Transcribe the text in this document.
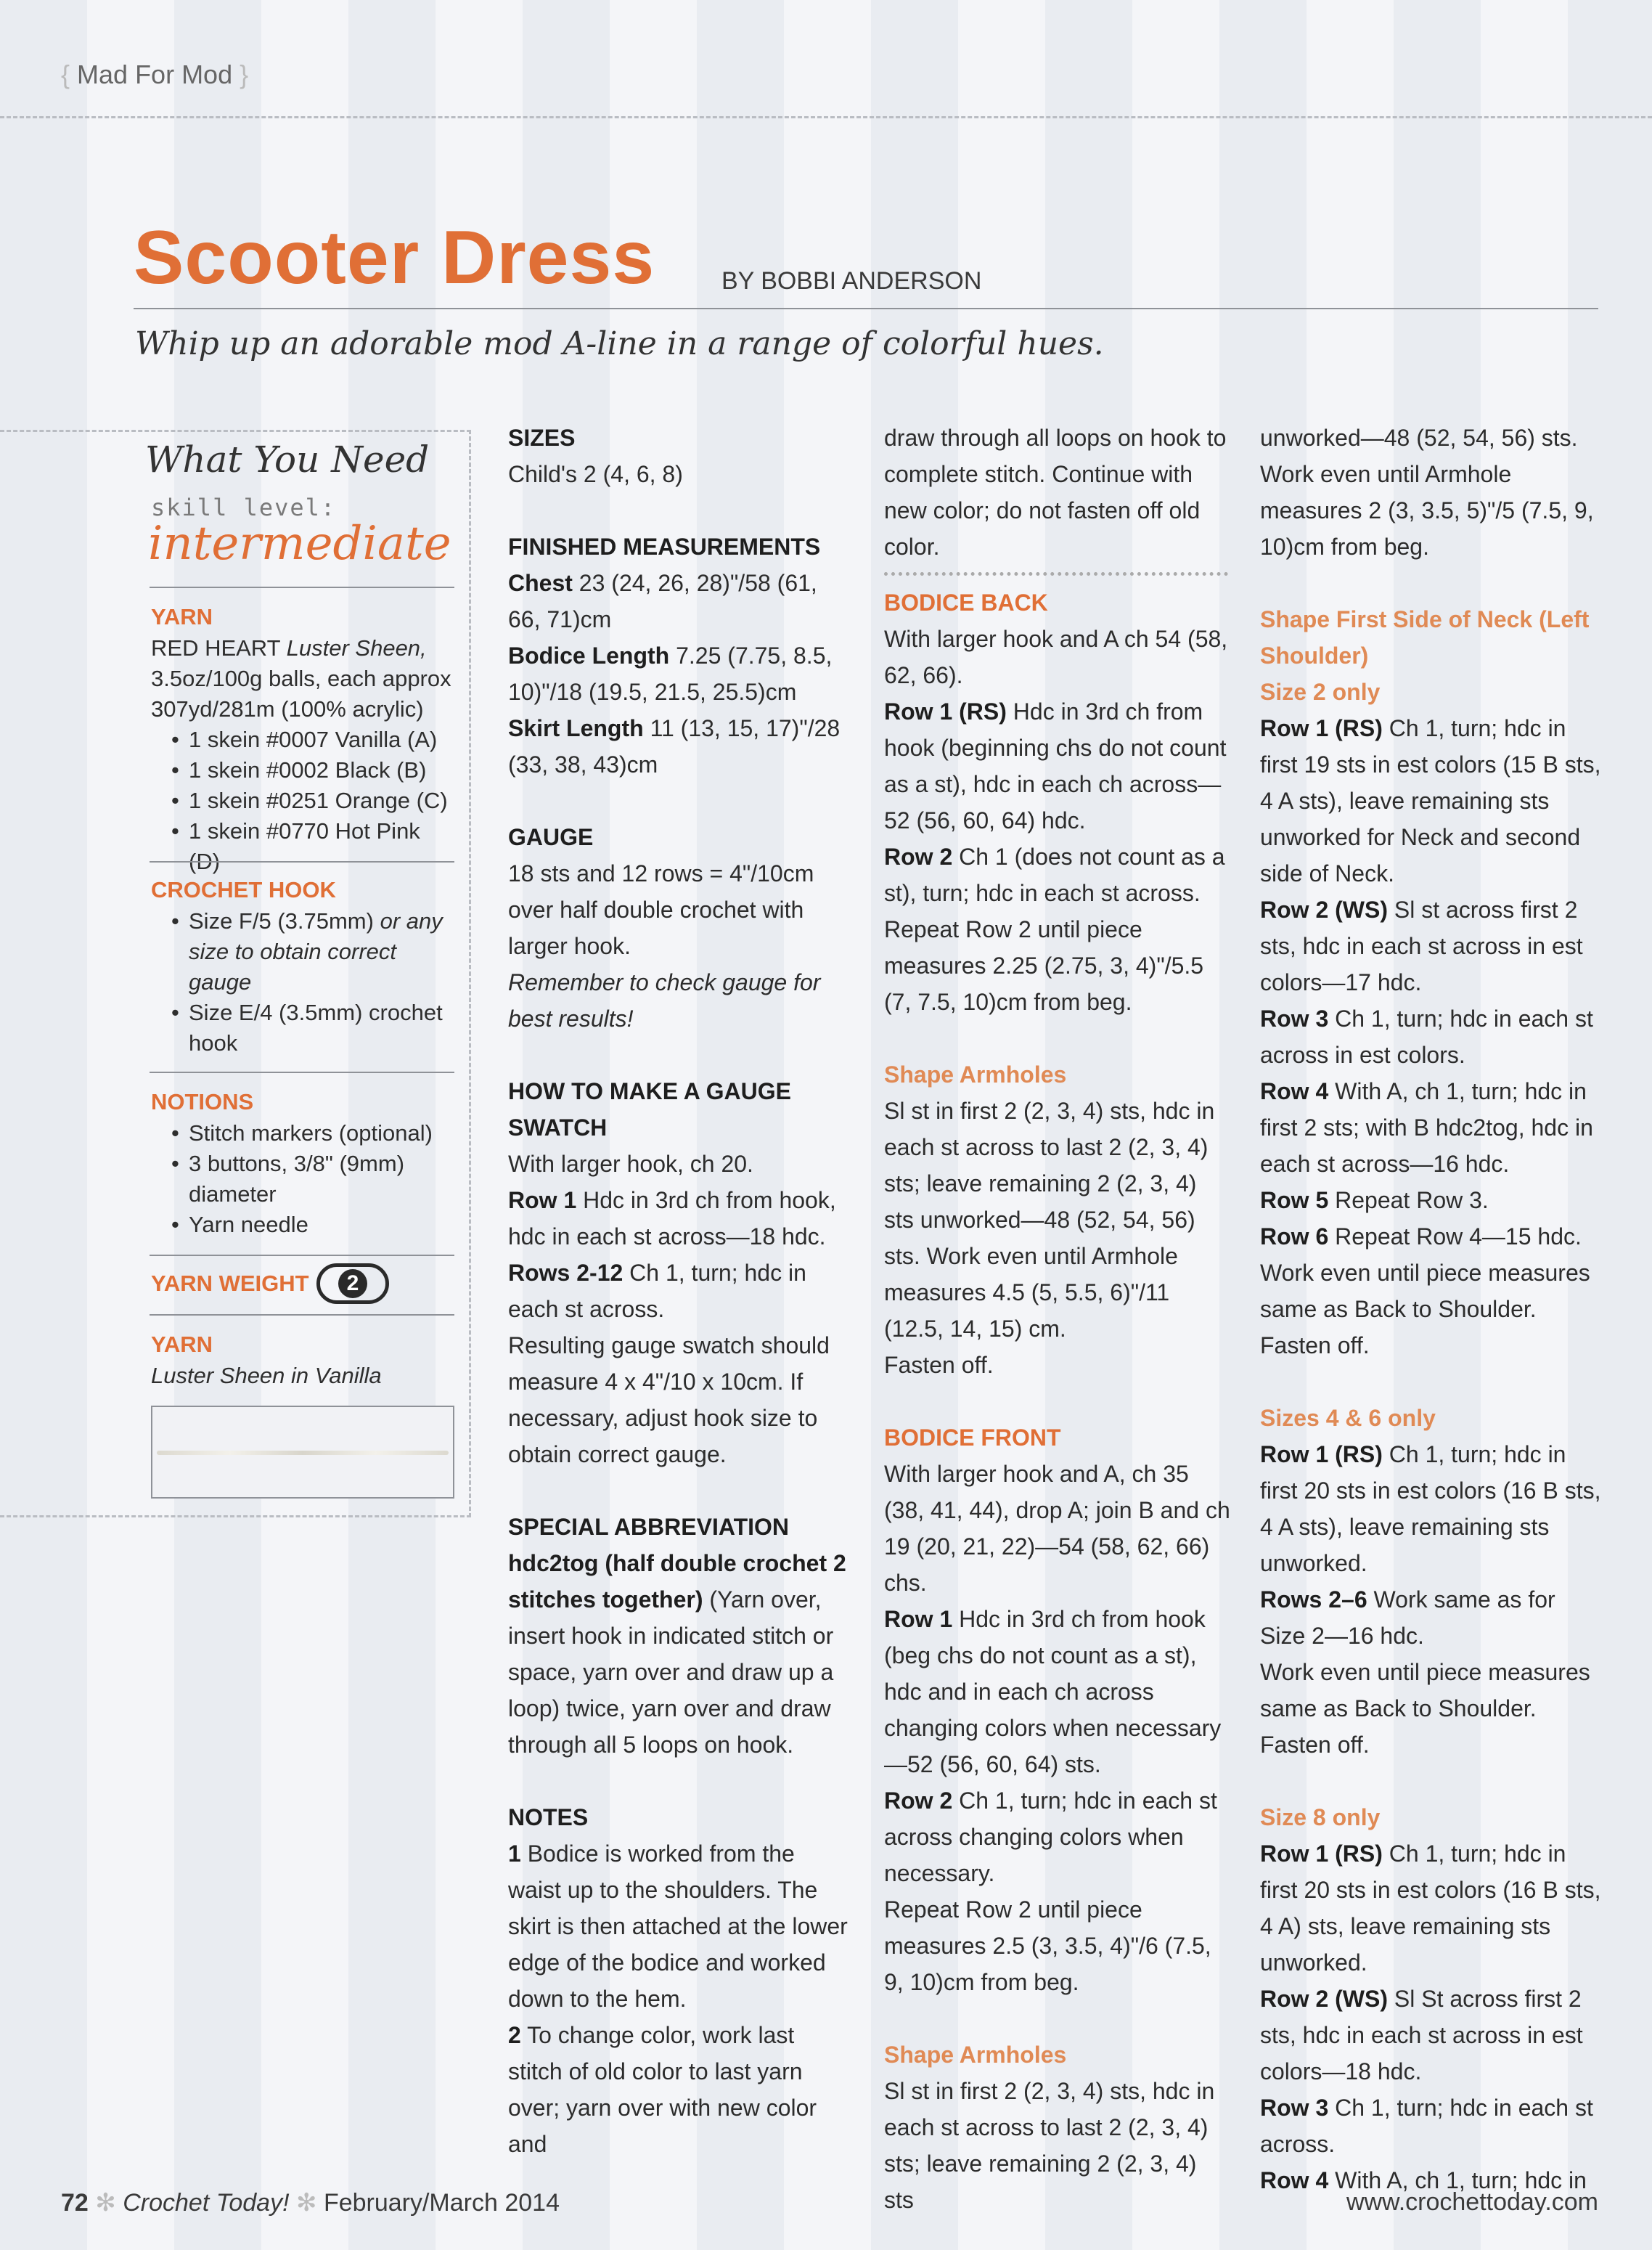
{ Mad For Mod }
Scooter Dress	BY BOBBI ANDERSON
Whip up an adorable mod A-line in a range of colorful hues.
What You Need
skill level:
intermediate
YARN
RED HEART Luster Sheen, 3.5oz/100g balls, each approx 307yd/281m (100% acrylic)
• 1 skein #0007 Vanilla (A)
• 1 skein #0002 Black (B)
• 1 skein #0251 Orange (C)
• 1 skein #0770 Hot Pink (D)
CROCHET HOOK
• Size F/5 (3.75mm) or any size to obtain correct gauge
• Size E/4 (3.5mm) crochet hook
NOTIONS
• Stitch markers (optional)
• 3 buttons, 3/8" (9mm) diameter
• Yarn needle
YARN WEIGHT	2
YARN
Luster Sheen in Vanilla
SIZES
Child's 2 (4, 6, 8)
FINISHED MEASUREMENTS
Chest 23 (24, 26, 28)"/58 (61, 66, 71)cm
Bodice Length 7.25 (7.75, 8.5, 10)"/18 (19.5, 21.5, 25.5)cm
Skirt Length 11 (13, 15, 17)"/28 (33, 38, 43)cm
GAUGE
18 sts and 12 rows = 4"/10cm over half double crochet with larger hook.
Remember to check gauge for best results!
HOW TO MAKE A GAUGE SWATCH
With larger hook, ch 20.
Row 1 Hdc in 3rd ch from hook, hdc in each st across—18 hdc.
Rows 2-12 Ch 1, turn; hdc in each st across.
Resulting gauge swatch should measure 4 x 4"/10 x 10cm. If necessary, adjust hook size to obtain correct gauge.
SPECIAL ABBREVIATION
hdc2tog (half double crochet 2 stitches together) (Yarn over, insert hook in indicated stitch or space, yarn over and draw up a loop) twice, yarn over and draw through all 5 loops on hook.
NOTES
1 Bodice is worked from the waist up to the shoulders. The skirt is then attached at the lower edge of the bodice and worked down to the hem.
2 To change color, work last stitch of old color to last yarn over; yarn over with new color and
draw through all loops on hook to complete stitch. Continue with new color; do not fasten off old color.
BODICE BACK
With larger hook and A ch 54 (58, 62, 66).
Row 1 (RS) Hdc in 3rd ch from hook (beginning chs do not count as a st), hdc in each ch across—52 (56, 60, 64) hdc.
Row 2 Ch 1 (does not count as a st), turn; hdc in each st across.
Repeat Row 2 until piece measures 2.25 (2.75, 3, 4)"/5.5 (7, 7.5, 10)cm from beg.
Shape Armholes
Sl st in first 2 (2, 3, 4) sts, hdc in each st across to last 2 (2, 3, 4) sts; leave remaining 2 (2, 3, 4) sts unworked—48 (52, 54, 56) sts. Work even until Armhole measures 4.5 (5, 5.5, 6)"/11 (12.5, 14, 15) cm.
Fasten off.
BODICE FRONT
With larger hook and A, ch 35 (38, 41, 44), drop A; join B and ch 19 (20, 21, 22)—54 (58, 62, 66) chs.
Row 1 Hdc in 3rd ch from hook (beg chs do not count as a st), hdc and in each ch across changing colors when necessary—52 (56, 60, 64) sts.
Row 2 Ch 1, turn; hdc in each st across changing colors when necessary.
Repeat Row 2 until piece measures 2.5 (3, 3.5, 4)"/6 (7.5, 9, 10)cm from beg.
Shape Armholes
Sl st in first 2 (2, 3, 4) sts, hdc in each st across to last 2 (2, 3, 4) sts; leave remaining 2 (2, 3, 4) sts
unworked—48 (52, 54, 56) sts. Work even until Armhole measures 2 (3, 3.5, 5)"/5 (7.5, 9, 10)cm from beg.
Shape First Side of Neck (Left Shoulder)
Size 2 only
Row 1 (RS) Ch 1, turn; hdc in first 19 sts in est colors (15 B sts, 4 A sts), leave remaining sts unworked for Neck and second side of Neck.
Row 2 (WS) Sl st across first 2 sts, hdc in each st across in est colors—17 hdc.
Row 3 Ch 1, turn; hdc in each st across in est colors.
Row 4 With A, ch 1, turn; hdc in first 2 sts; with B hdc2tog, hdc in each st across—16 hdc.
Row 5 Repeat Row 3.
Row 6 Repeat Row 4—15 hdc.
Work even until piece measures same as Back to Shoulder.
Fasten off.
Sizes 4 & 6 only
Row 1 (RS) Ch 1, turn; hdc in first 20 sts in est colors (16 B sts, 4 A sts), leave remaining sts unworked.
Rows 2–6 Work same as for Size 2—16 hdc.
Work even until piece measures same as Back to Shoulder.
Fasten off.
Size 8 only
Row 1 (RS) Ch 1, turn; hdc in first 20 sts in est colors (16 B sts, 4 A) sts, leave remaining sts unworked.
Row 2 (WS) Sl St across first 2 sts, hdc in each st across in est colors—18 hdc.
Row 3 Ch 1, turn; hdc in each st across.
Row 4 With A, ch 1, turn; hdc in
72 ✻ Crochet Today! ✻ February/March 2014	www.crochettoday.com
